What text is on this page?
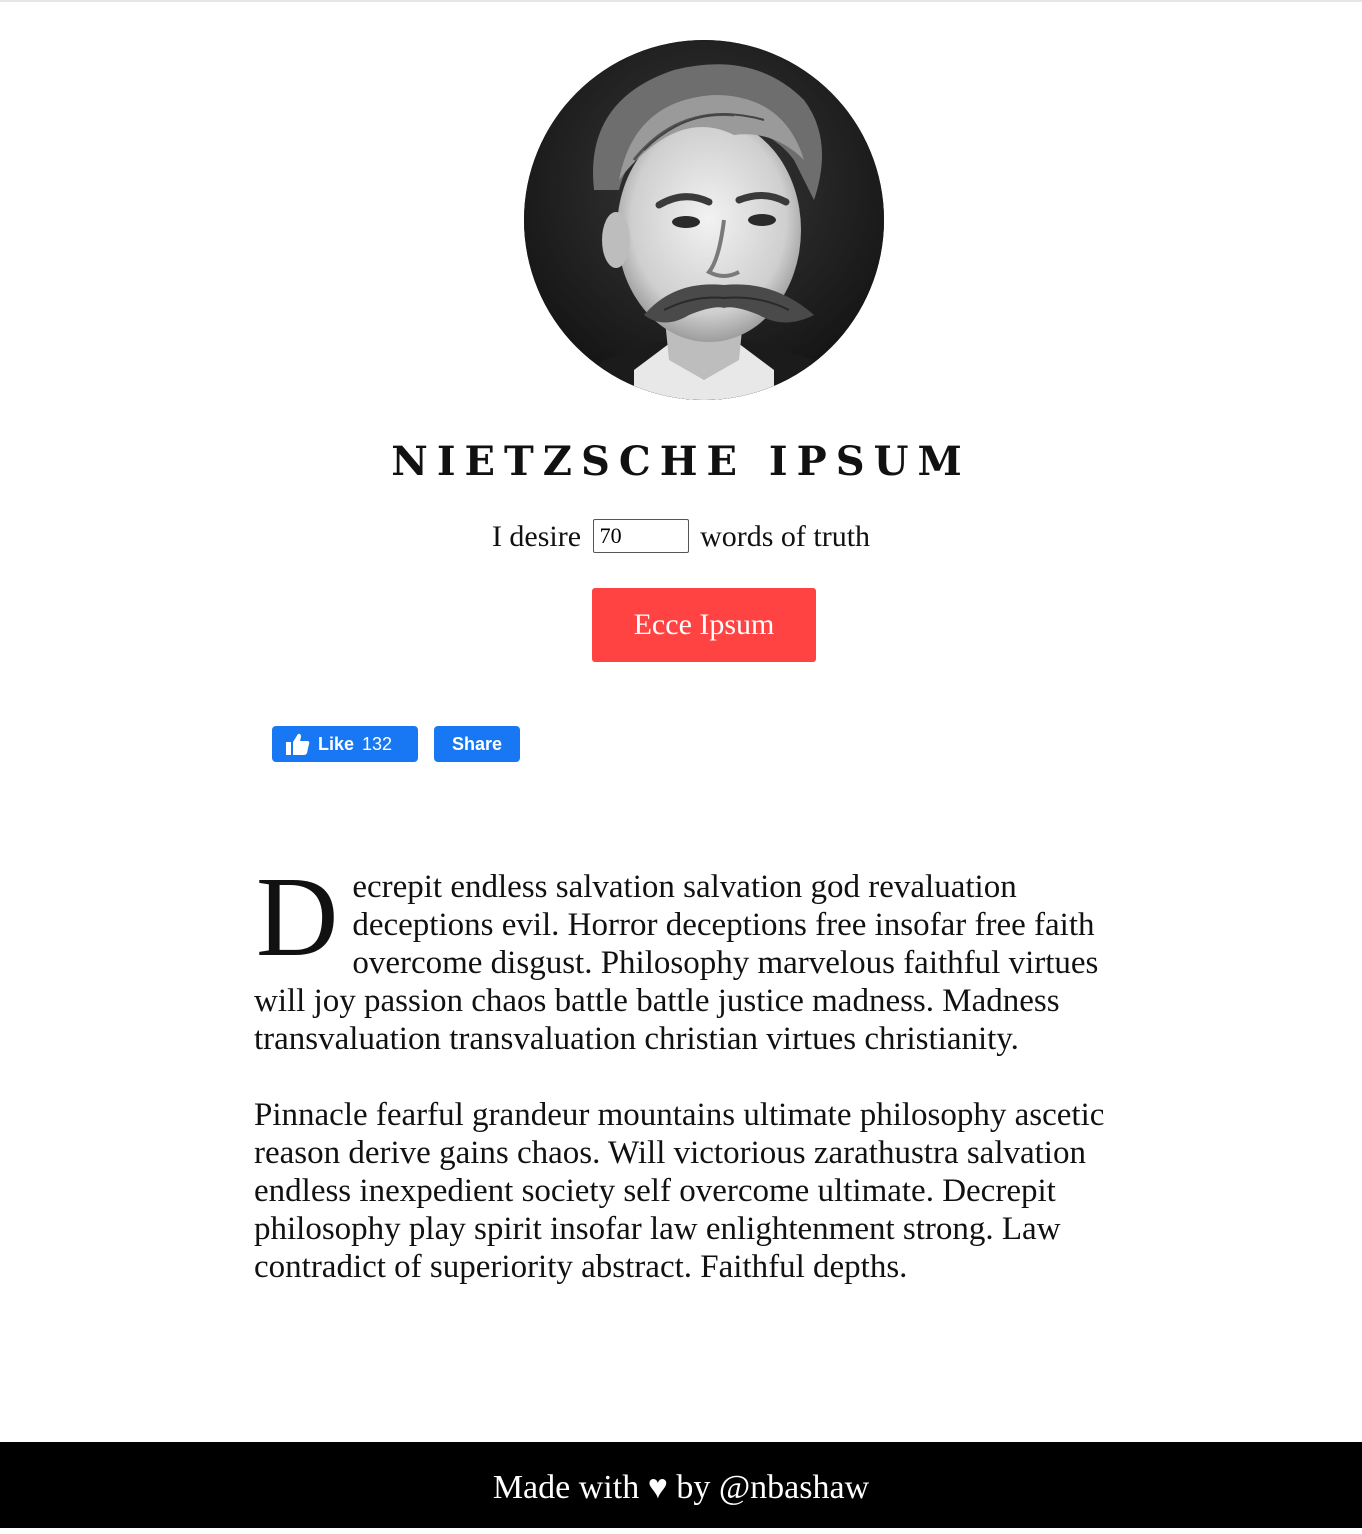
NIETZSCHE IPSUM
I desire 70	words of truth
Ecce Ipsum
Like 132	Share

Decrepit endless salvation salvation god revaluation deceptions evil. Horror deceptions free insofar free faith overcome disgust. Philosophy marvelous faithful virtues will joy passion chaos battle battle justice madness. Madness transvaluation transvaluation christian virtues christianity.

Pinnacle fearful grandeur mountains ultimate philosophy ascetic reason derive gains chaos. Will victorious zarathustra salvation endless inexpedient society self overcome ultimate. Decrepit philosophy play spirit insofar law enlightenment strong. Law contradict of superiority abstract. Faithful depths.

Made with ♥ by @nbashaw
